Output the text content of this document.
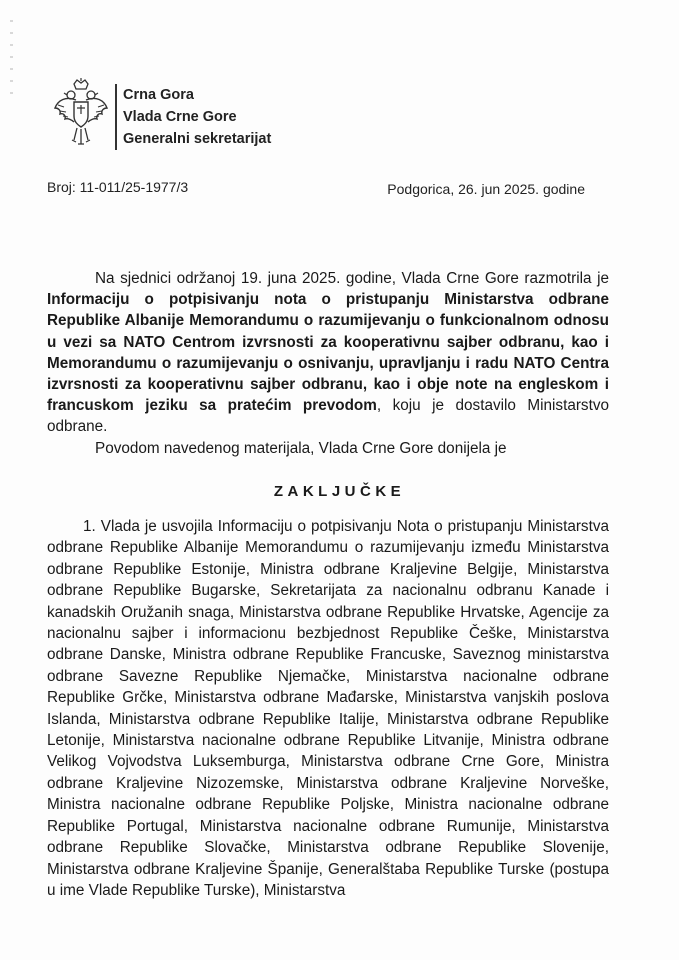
Crna Gora
Vlada Crne Gore
Generalni sekretarijat
Broj: 11-011/25-1977/3	Podgorica, 26. jun 2025. godine

Na sjednici održanoj 19. juna 2025. godine, Vlada Crne Gore razmotrila je Informaciju o potpisivanju nota o pristupanju Ministarstva odbrane Republike Albanije Memorandumu o razumijevanju o funkcionalnom odnosu u vezi sa NATO Centrom izvrsnosti za kooperativnu sajber odbranu, kao i Memorandumu o razumijevanju o osnivanju, upravljanju i radu NATO Centra izvrsnosti za kooperativnu sajber odbranu, kao i obje note na engleskom i francuskom jeziku sa pratećim prevodom, koju je dostavilo Ministarstvo odbrane.

Povodom navedenog materijala, Vlada Crne Gore donijela je

ZAKLJUČKE
1. Vlada je usvojila Informaciju o potpisivanju Nota o pristupanju Ministarstva odbrane Republike Albanije Memorandumu o razumijevanju između Ministarstva odbrane Republike Estonije, Ministra odbrane Kraljevine Belgije, Ministarstva odbrane Republike Bugarske, Sekretarijata za nacionalnu odbranu Kanade i kanadskih Oružanih snaga, Ministarstva odbrane Republike Hrvatske, Agencije za nacionalnu sajber i informacionu bezbjednost Republike Češke, Ministarstva odbrane Danske, Ministra odbrane Republike Francuske, Saveznog ministarstva odbrane Savezne Republike Njemačke, Ministarstva nacionalne odbrane Republike Grčke, Ministarstva odbrane Mađarske, Ministarstva vanjskih poslova Islanda, Ministarstva odbrane Republike Italije, Ministarstva odbrane Republike Letonije, Ministarstva nacionalne odbrane Republike Litvanije, Ministra odbrane Velikog Vojvodstva Luksemburga, Ministarstva odbrane Crne Gore, Ministra odbrane Kraljevine Nizozemske, Ministarstva odbrane Kraljevine Norveške, Ministra nacionalne odbrane Republike Poljske, Ministra nacionalne odbrane Republike Portugal, Ministarstva nacionalne odbrane Rumunije, Ministarstva odbrane Republike Slovačke, Ministarstva odbrane Republike Slovenije, Ministarstva odbrane Kraljevine Španije, Generalštaba Republike Turske (postupa u ime Vlade Republike Turske), Ministarstva
